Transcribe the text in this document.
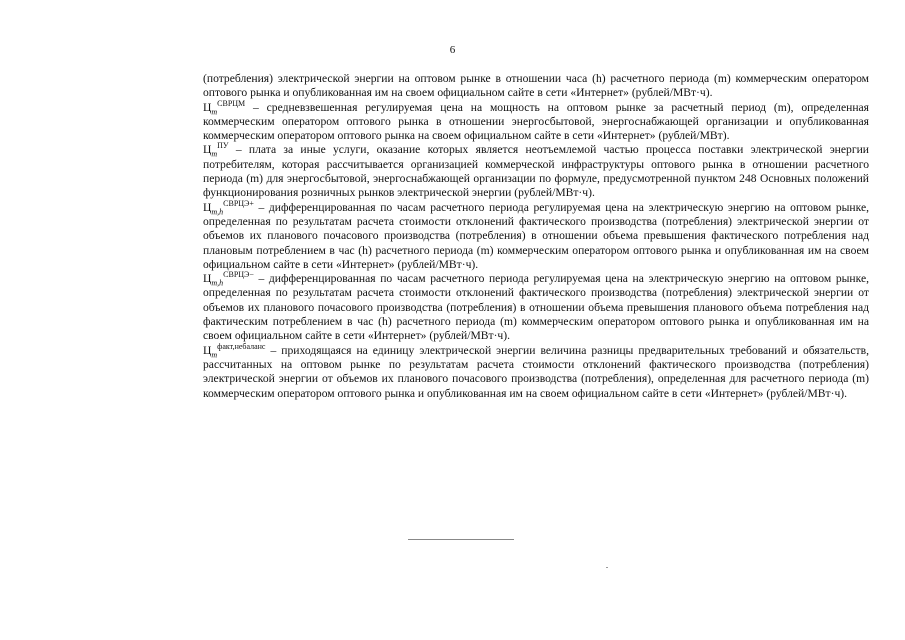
6

(потребления) электрической энергии на оптовом рынке в отношении часа (h) расчетного периода (m) коммерческим оператором оптового рынка и опубликованная им на своем официальном сайте в сети «Интернет» (рублей/МВт·ч).

$Ц_m^{СВРЦМ}$ – средневзвешенная регулируемая цена на мощность на оптовом рынке за расчетный период (m), определенная коммерческим оператором оптового рынка в отношении энергосбытовой, энергоснабжающей организации и опубликованная коммерческим оператором оптового рынка на своем официальном сайте в сети «Интернет» (рублей/МВт).

$Ц_m^{ПУ}$ – плата за иные услуги, оказание которых является неотъемлемой частью процесса поставки электрической энергии потребителям, которая рассчитывается организацией коммерческой инфраструктуры оптового рынка в отношении расчетного периода (m) для энергосбытовой, энергоснабжающей организации по формуле, предусмотренной пунктом 248 Основных положений функционирования розничных рынков электрической энергии (рублей/МВт·ч).

$Ц_{m,h}^{СВРЦЭ+}$ – дифференцированная по часам расчетного периода регулируемая цена на электрическую энергию на оптовом рынке, определенная по результатам расчета стоимости отклонений фактического производства (потребления) электрической энергии от объемов их планового почасового производства (потребления) в отношении объема превышения фактического потребления над плановым потреблением в час (h) расчетного периода (m) коммерческим оператором оптового рынка и опубликованная им на своем официальном сайте в сети «Интернет» (рублей/МВт·ч).

$Ц_{m,h}^{СВРЦЭ-}$ – дифференцированная по часам расчетного периода регулируемая цена на электрическую энергию на оптовом рынке, определенная по результатам расчета стоимости отклонений фактического производства (потребления) электрической энергии от объемов их планового почасового производства (потребления) в отношении объема превышения планового объема потребления над фактическим потреблением в час (h) расчетного периода (m) коммерческим оператором оптового рынка и опубликованная им на своем официальном сайте в сети «Интернет» (рублей/МВт·ч).

$Ц_m^{факт,небаланс}$ – приходящаяся на единицу электрической энергии величина разницы предварительных требований и обязательств, рассчитанных на оптовом рынке по результатам расчета стоимости отклонений фактического производства (потребления) электрической энергии от объемов их планового почасового производства (потребления), определенная для расчетного периода (m) коммерческим оператором оптового рынка и опубликованная им на своем официальном сайте в сети «Интернет» (рублей/МВт·ч).
